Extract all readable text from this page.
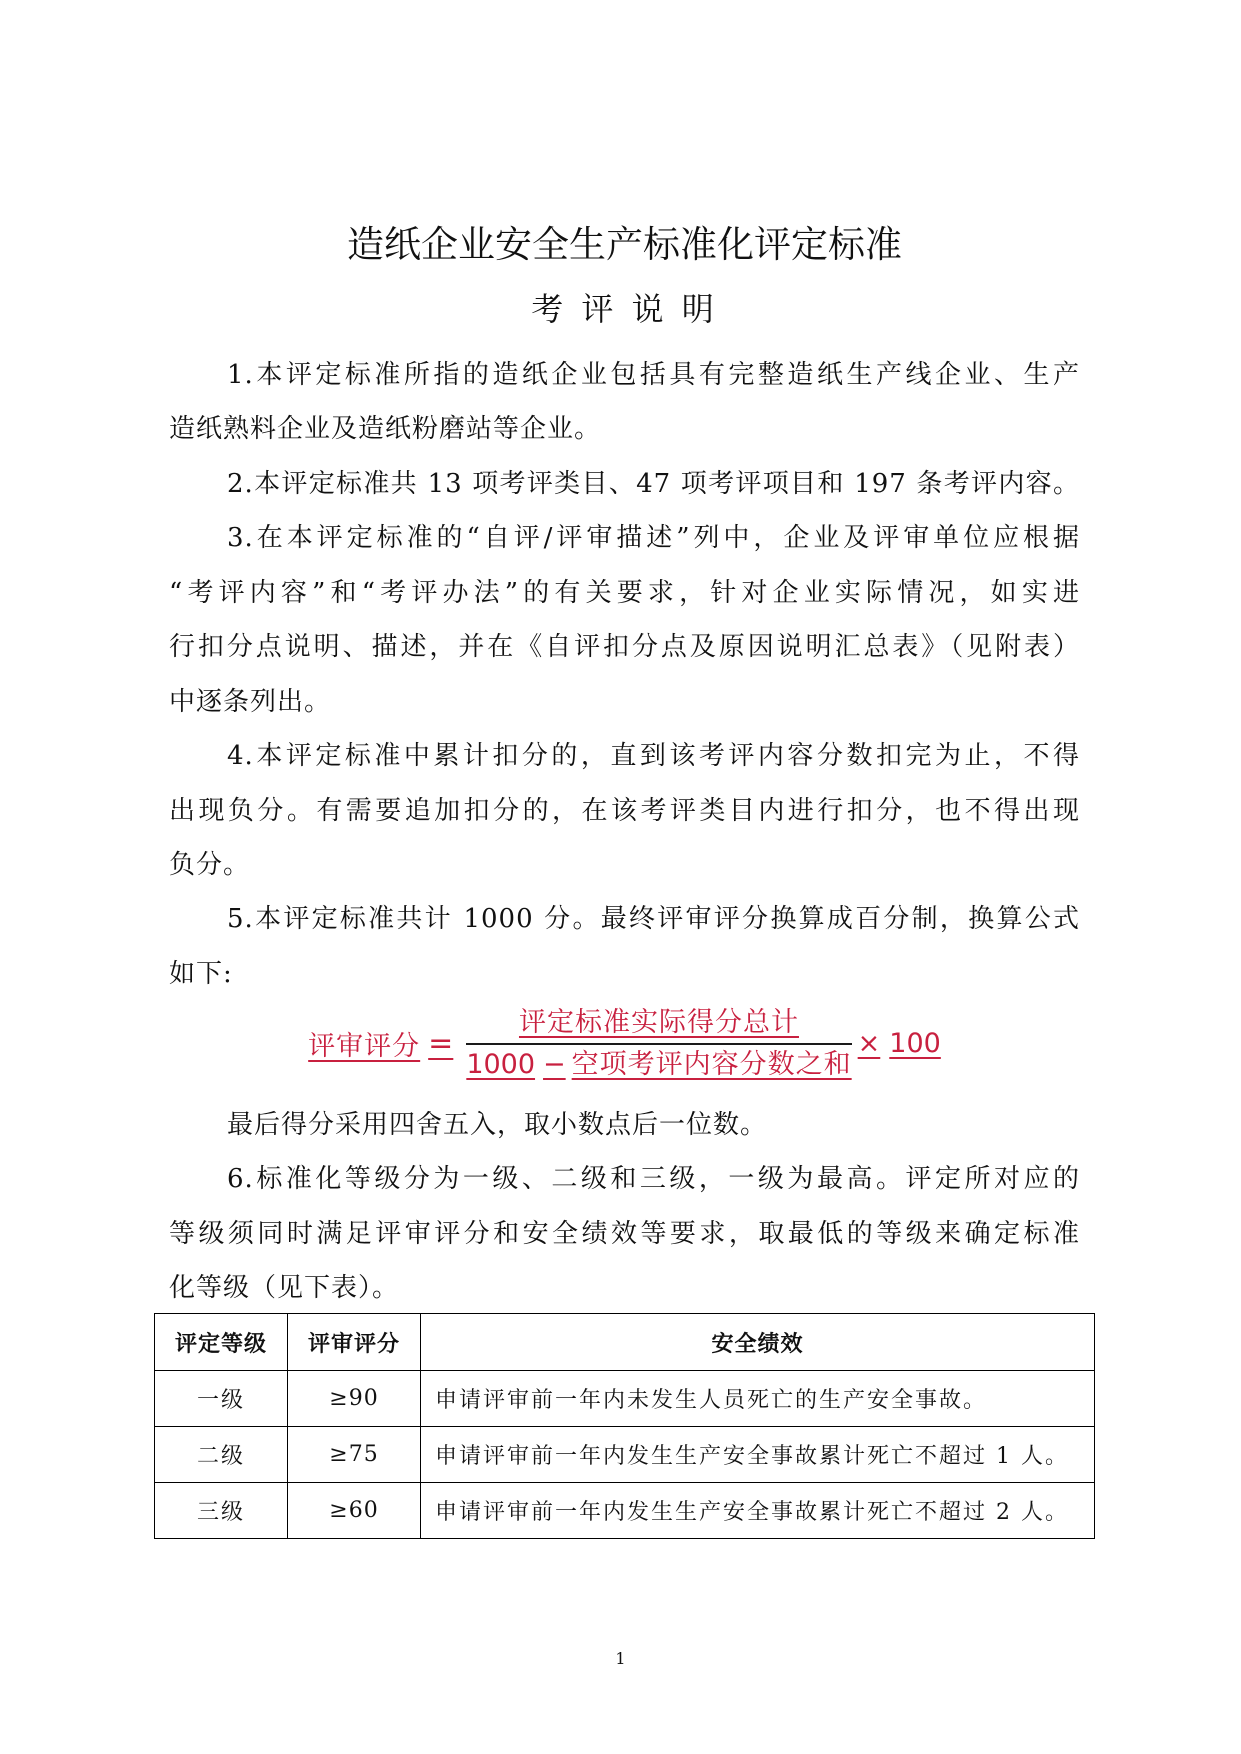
造纸企业安全生产标准化评定标准
考 评 说 明
1.本评定标准所指的造纸企业包括具有完整造纸生产线企业、生产
造纸熟料企业及造纸粉磨站等企业。
2.本评定标准共 13 项考评类目、47 项考评项目和 197 条考评内容。
3.在本评定标准的“自评/评审描述”列中，企业及评审单位应根据
“考评内容”和“考评办法”的有关要求，针对企业实际情况，如实进
行扣分点说明、描述，并在《自评扣分点及原因说明汇总表》（见附表）
中逐条列出。
4.本评定标准中累计扣分的，直到该考评内容分数扣完为止，不得
出现负分。有需要追加扣分的，在该考评类目内进行扣分，也不得出现
负分。
5.本评定标准共计 1000 分。最终评审评分换算成百分制，换算公式
如下:
评审评分 = $\frac{\text{评定标准实际得分总计}}{\text{1000 − 空项考评内容分数之和}} \times 100$
最后得分采用四舍五入，取小数点后一位数。
6.标准化等级分为一级、二级和三级，一级为最高。评定所对应的
等级须同时满足评审评分和安全绩效等要求，取最低的等级来确定标准
化等级（见下表）。
评定等级	评审评分	安全绩效
一级	≥90	申请评审前一年内未发生人员死亡的生产安全事故。
二级	≥75	申请评审前一年内发生生产安全事故累计死亡不超过 1 人。
三级	≥60	申请评审前一年内发生生产安全事故累计死亡不超过 2 人。
1
